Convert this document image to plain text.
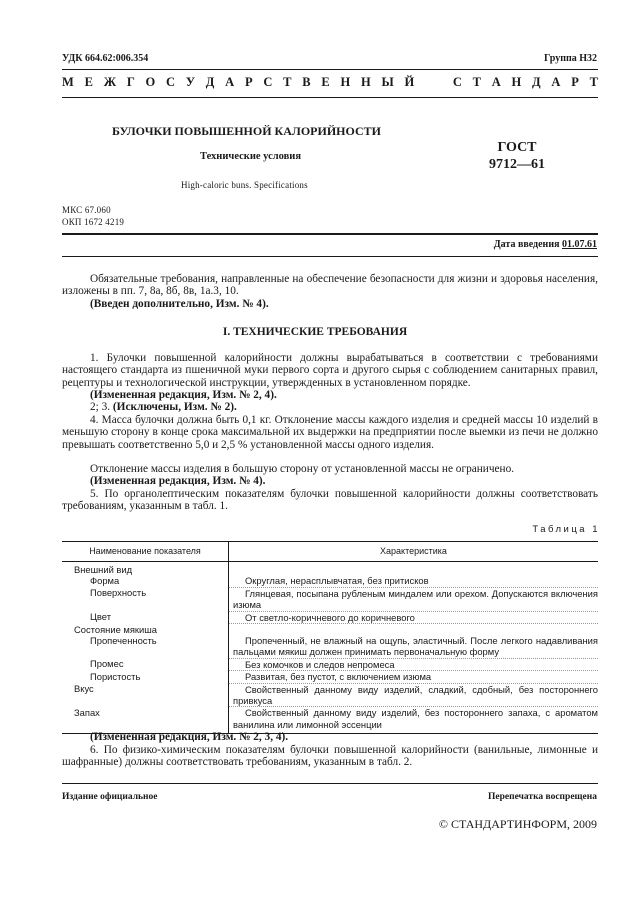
УДК 664.62:006.354	Группа Н32
М Е Ж Г О С У Д А Р С Т В Е Н Н Ы Й

	С Т А Н Д А Р Т
БУЛОЧКИ ПОВЫШЕННОЙ КАЛОРИЙНОСТИ
Технические условия
High-caloric buns. Specifications
ГОСТ
9712—61
МКС 67.060
ОКП 1672 4219
Дата введения 01.07.61
Обязательные требования, направленные на обеспечение безопасности для жизни и здоровья населения, изложены в пп. 7, 8а, 8б, 8в, 1а.3, 10.
(Введен дополнительно, Изм. № 4).
I. ТЕХНИЧЕСКИЕ ТРЕБОВАНИЯ
1. Булочки повышенной калорийности должны вырабатываться в соответствии с требованиями настоящего стандарта из пшеничной муки первого сорта и другого сырья с соблюдением санитарных правил, рецептуры и технологической инструкции, утвержденных в установленном порядке.
(Измененная редакция, Изм. № 2, 4).
2; 3. (Исключены, Изм. № 2).
4. Масса булочки должна быть 0,1 кг. Отклонение массы каждого изделия и средней массы 10 изделий в меньшую сторону в конце срока максимальной их выдержки на предприятии после выемки из печи не должно превышать соответственно 5,0 и 2,5 % установленной массы одного изделия.
Отклонение массы изделия в большую сторону от установленной массы не ограничено.
(Измененная редакция, Изм. № 4).
5. По органолептическим показателям булочки повышенной калорийности должны соответствовать требованиям, указанным в табл. 1.
Таблица 1
Наименование показателя	Характеристика
Внешний вид	
Форма	Округлая, нерасплывчатая, без притисков
Поверхность	Глянцевая, посыпана рубленым миндалем или орехом. Допускаются включения изюма
Цвет	От светло-коричневого до коричневого
Состояние мякиша	
Пропеченность	Пропеченный, не влажный на ощупь, эластичный. После легкого надавливания пальцами мякиш должен принимать первоначальную форму
Промес	Без комочков и следов непромеса
Пористость	Развитая, без пустот, с включением изюма
Вкус	Свойственный данному виду изделий, сладкий, сдобный, без постороннего привкуса
Запах	Свойственный данному виду изделий, без постороннего запаха, с ароматом ванилина или лимонной эссенции
(Измененная редакция, Изм. № 2, 3, 4).
6. По физико-химическим показателям булочки повышенной калорийности (ванильные, лимонные и шафранные) должны соответствовать требованиям, указанным в табл. 2.
Издание официальное	Перепечатка воспрещена
© СТАНДАРТИНФОРМ, 2009
